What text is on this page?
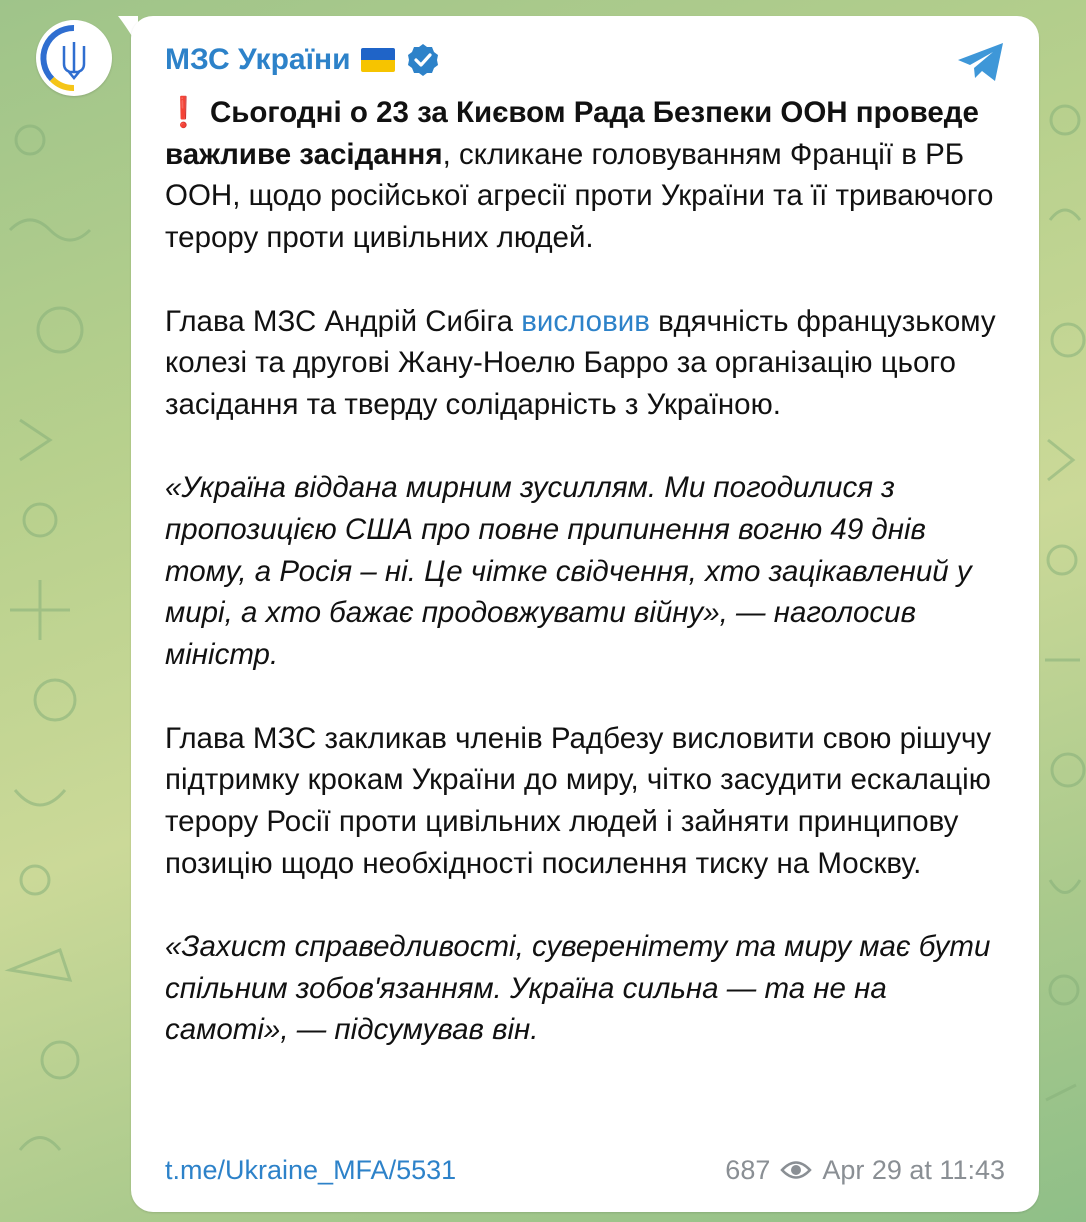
МЗС України

❗ Сьогодні о 23 за Києвом Рада Безпеки ООН проведе важливе засідання, скликане головуванням Франції в РБ ООН, щодо російської агресії проти України та її триваючого терору проти цивільних людей.

Глава МЗС Андрій Сибіга висловив вдячність французькому колезі та другові Жану-Ноелю Барро за організацію цього засідання та тверду солідарність з Україною.

«Україна віддана мирним зусиллям. Ми погодилися з пропозицією США про повне припинення вогню 49 днів тому, а Росія – ні. Це чітке свідчення, хто зацікавлений у мирі, а хто бажає продовжувати війну», — наголосив міністр.

Глава МЗС закликав членів Радбезу висловити свою рішучу підтримку крокам України до миру, чітко засудити ескалацію терору Росії проти цивільних людей і зайняти принципову позицію щодо необхідності посилення тиску на Москву.

«Захист справедливості, суверенітету та миру має бути спільним зобов'язанням. Україна сильна — та не на самоті», — підсумував він.

t.me/Ukraine_MFA/5531	687 Apr 29 at 11:43
